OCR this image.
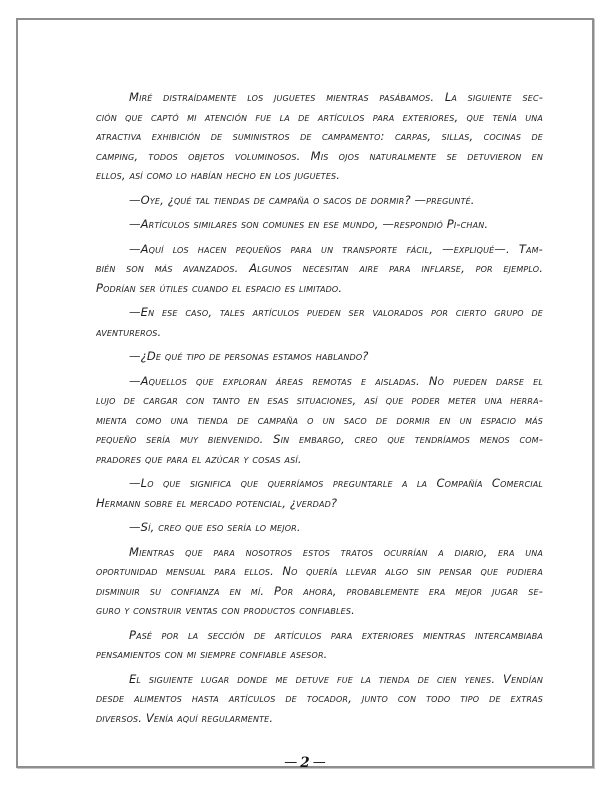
Miré distraídamente los juguetes mientras pasábamos. La siguiente sec-
ción que captó mi atención fue la de artículos para exteriores, que tenía una
atractiva exhibición de suministros de campamento: carpas, sillas, cocinas de
camping, todos objetos voluminosos. Mis ojos naturalmente se detuvieron en
ellos, así como lo habían hecho en los juguetes.
—Oye, ¿qué tal tiendas de campaña o sacos de dormir? —pregunté.
—Artículos similares son comunes en ese mundo, —respondió Pi-chan.
—Aquí los hacen pequeños para un transporte fácil, —expliqué—. Tam-
bién son más avanzados. Algunos necesitan aire para inflarse, por ejemplo.
Podrían ser útiles cuando el espacio es limitado.
—En ese caso, tales artículos pueden ser valorados por cierto grupo de
aventureros.
—¿De qué tipo de personas estamos hablando?
—Aquellos que exploran áreas remotas e aisladas. No pueden darse el
lujo de cargar con tanto en esas situaciones, así que poder meter una herra-
mienta como una tienda de campaña o un saco de dormir en un espacio más
pequeño sería muy bienvenido. Sin embargo, creo que tendríamos menos com-
pradores que para el azúcar y cosas así.
—Lo que significa que querríamos preguntarle a la Compañía Comercial
Hermann sobre el mercado potencial, ¿verdad?
—Sí, creo que eso sería lo mejor.
Mientras que para nosotros estos tratos ocurrían a diario, era una
oportunidad mensual para ellos. No quería llevar algo sin pensar que pudiera
disminuir su confianza en mí. Por ahora, probablemente era mejor jugar se-
guro y construir ventas con productos confiables.
Pasé por la sección de artículos para exteriores mientras intercambiaba
pensamientos con mi siempre confiable asesor.
El siguiente lugar donde me detuve fue la tienda de cien yenes. Vendían
desde alimentos hasta artículos de tocador, junto con todo tipo de extras
diversos. Venía aquí regularmente.
— 2 —
